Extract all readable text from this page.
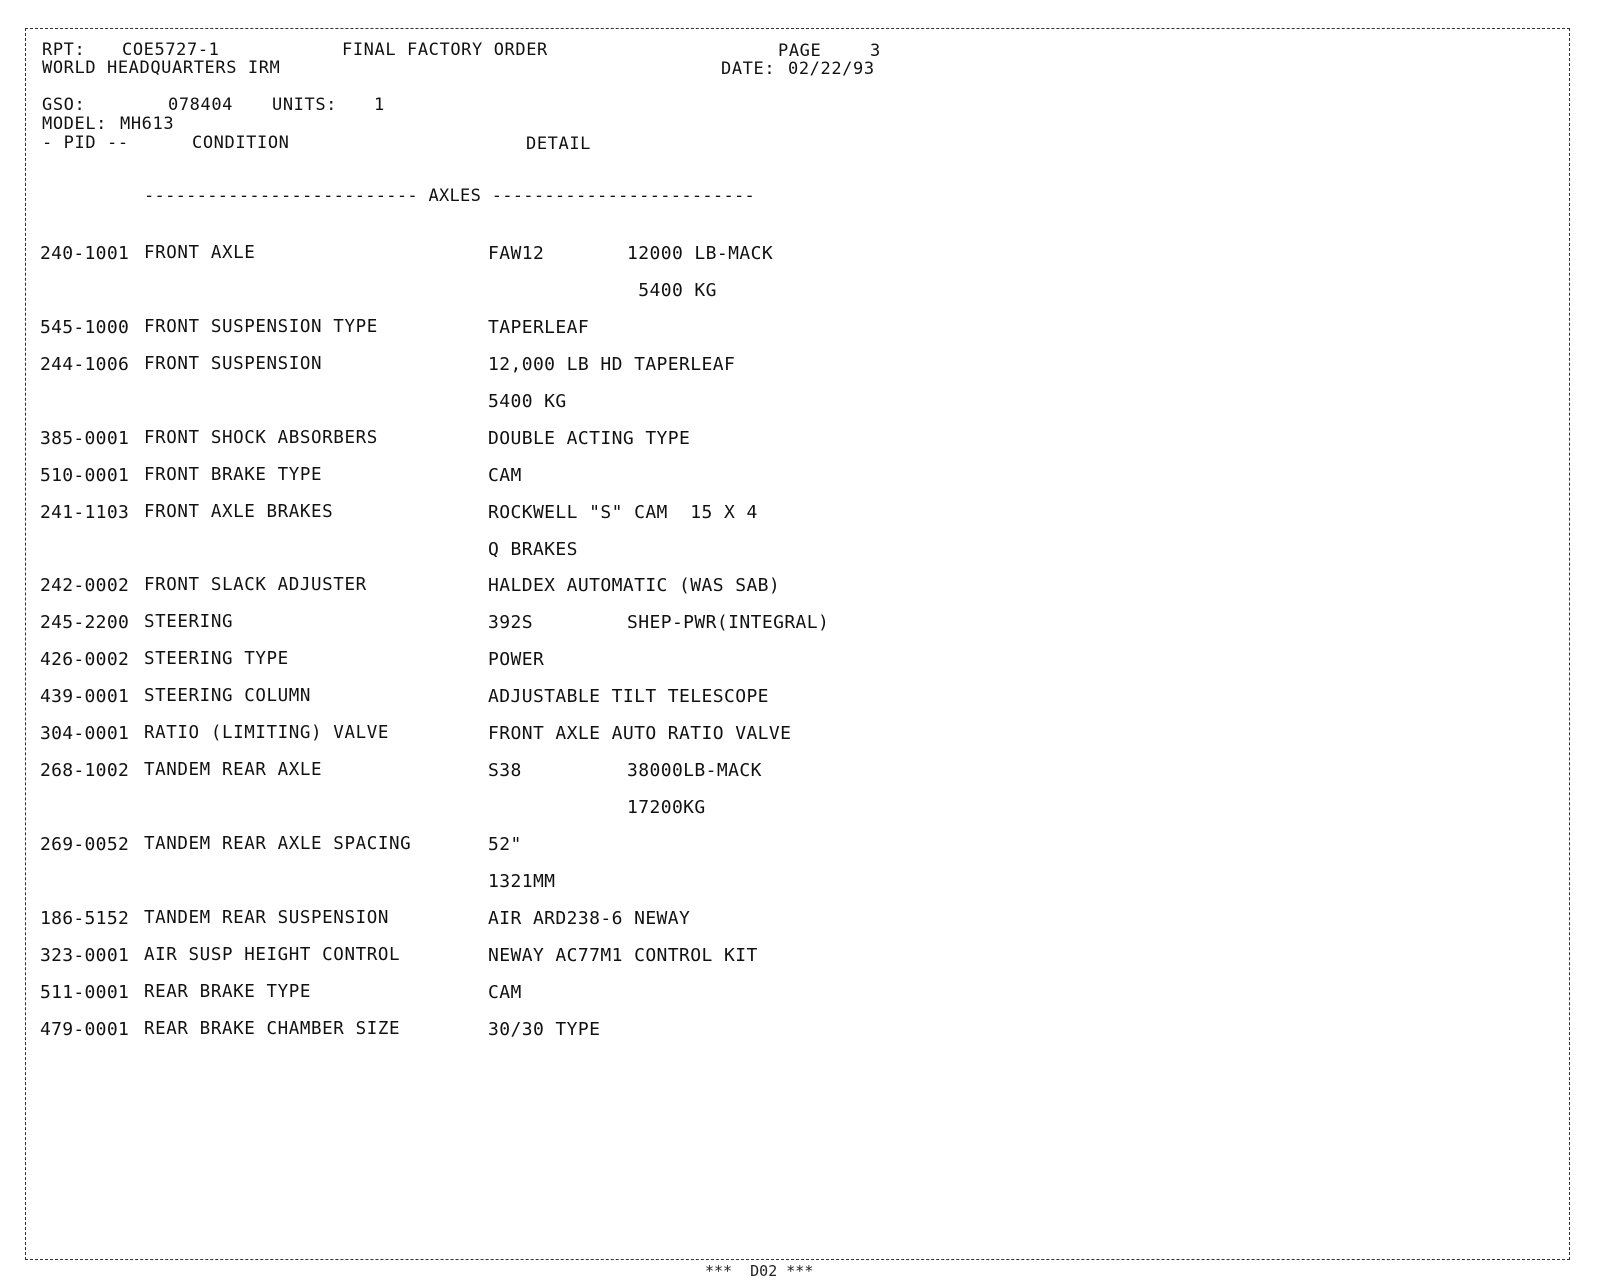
RPT: COE5727-1	FINAL FACTORY ORDER	PAGE	3
WORLD HEADQUARTERS IRM	DATE: 02/22/93
GSO:	078404 UNITS: 1
MODEL: MH613
- PID --	CONDITION	DETAIL
-------------------------- AXLES -------------------------
240-1001 FRONT AXLE	FAW12	12000 LB-MACK
5400 KG
545-1000 FRONT SUSPENSION TYPE	TAPERLEAF
244-1006 FRONT SUSPENSION	12,000 LB HD TAPERLEAF
5400 KG
385-0001 FRONT SHOCK ABSORBERS	DOUBLE ACTING TYPE
510-0001 FRONT BRAKE TYPE	CAM
241-1103 FRONT AXLE BRAKES	ROCKWELL "S" CAM  15 X 4
Q BRAKES
242-0002 FRONT SLACK ADJUSTER	HALDEX AUTOMATIC (WAS SAB)
245-2200 STEERING	392S	SHEP-PWR(INTEGRAL)
426-0002 STEERING TYPE	POWER
439-0001 STEERING COLUMN	ADJUSTABLE TILT TELESCOPE
304-0001 RATIO (LIMITING) VALVE	FRONT AXLE AUTO RATIO VALVE
268-1002 TANDEM REAR AXLE	S38	38000LB-MACK
17200KG
269-0052 TANDEM REAR AXLE SPACING	52"
1321MM
186-5152 TANDEM REAR SUSPENSION	AIR ARD238-6 NEWAY
323-0001 AIR SUSP HEIGHT CONTROL	NEWAY AC77M1 CONTROL KIT
511-0001 REAR BRAKE TYPE	CAM
479-0001 REAR BRAKE CHAMBER SIZE	30/30 TYPE
***  D02 ***
